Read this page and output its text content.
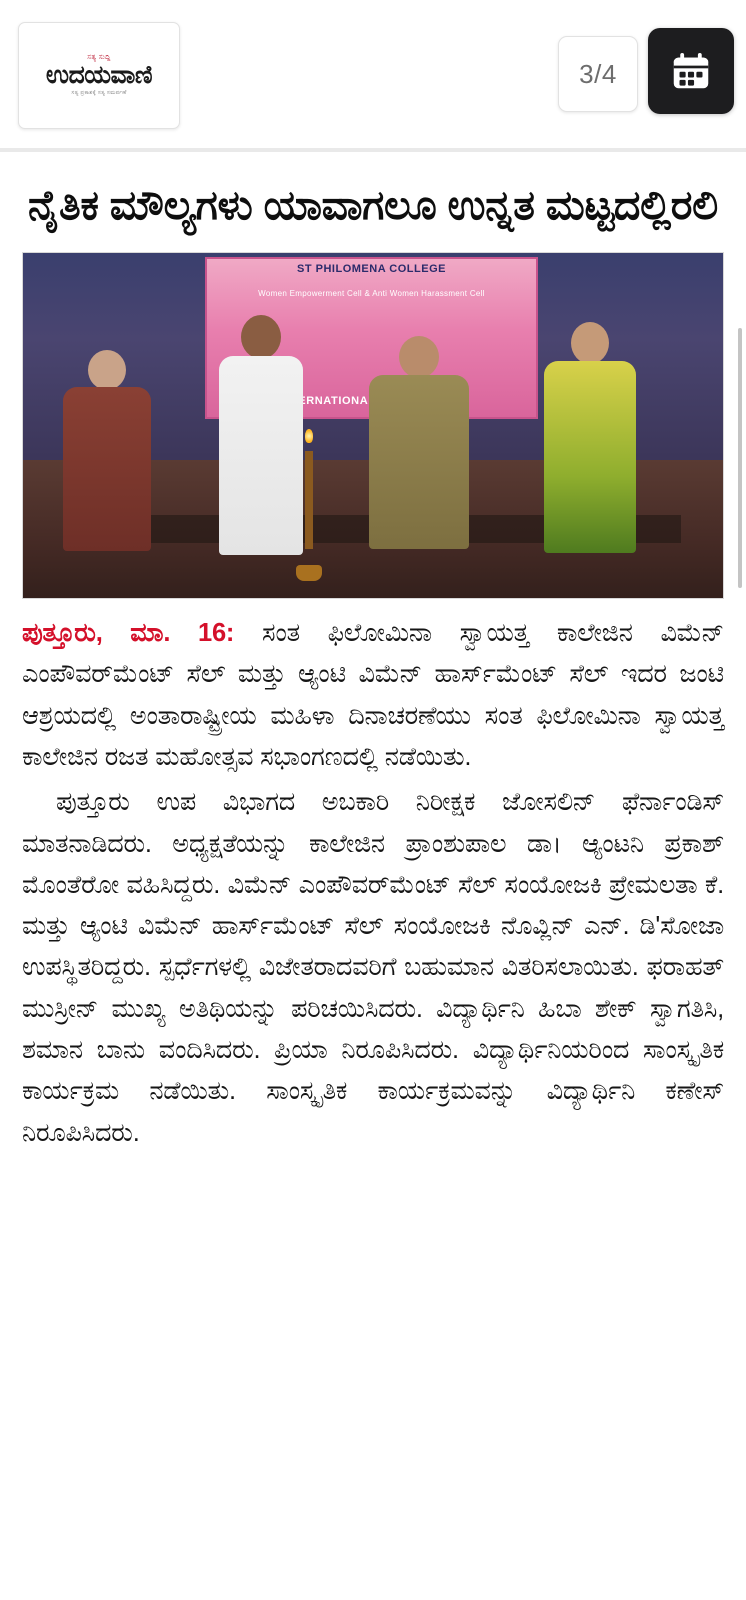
ಸತ್ಯ ಸುದ್ದಿ
ಉದಯವಾಣಿ
ಸತ್ಯ ಪ್ರಕಾಶಕ್ಕೆ ಸತ್ಯ ಸಮರ್ಪಣೆ
3/4
ನೈತಿಕ ಮೌಲ್ಯಗಳು ಯಾವಾಗಲೂ ಉನ್ನತ ಮಟ್ಟದಲ್ಲಿರಲಿ
ST PHILOMENA COLLEGE
Women Empowerment Cell & Anti Women Harassment Cell
INTERNATIONAL

ಪುತ್ತೂರು, ಮಾ. 16: ಸಂತ ಫಿಲೋಮಿನಾ ಸ್ವಾಯತ್ತ ಕಾಲೇಜಿನ ವಿಮೆನ್ ಎಂಪೌವರ್‌ಮೆಂಟ್ ಸೆಲ್ ಮತ್ತು ಆ್ಯಂಟಿ ವಿಮೆನ್ ಹಾರ್ಸ್‌ಮೆಂಟ್ ಸೆಲ್ ಇದರ ಜಂಟಿ ಆಶ್ರಯದಲ್ಲಿ ಅಂತಾರಾಷ್ಟ್ರೀಯ ಮಹಿಳಾ ದಿನಾಚರಣೆಯು ಸಂತ ಫಿಲೋಮಿನಾ ಸ್ವಾಯತ್ತ ಕಾಲೇಜಿನ ರಜತ ಮಹೋತ್ಸವ ಸಭಾಂಗಣದಲ್ಲಿ ನಡೆಯಿತು.

ಪುತ್ತೂರು ಉಪ ವಿಭಾಗದ ಅಬಕಾರಿ ನಿರೀಕ್ಷಕ ಜೋಸಲಿನ್ ಫೆರ್ನಾಂಡಿಸ್ ಮಾತನಾಡಿದರು. ಅಧ್ಯಕ್ಷತೆಯನ್ನು ಕಾಲೇಜಿನ ಪ್ರಾಂಶುಪಾಲ ಡಾ। ಆ್ಯಂಟನಿ ಪ್ರಕಾಶ್ ಮೊಂತೆರೋ ವಹಿಸಿದ್ದರು. ವಿಮೆನ್ ಎಂಪೌವರ್‌ಮೆಂಟ್ ಸೆಲ್ ಸಂಯೋಜಕಿ ಪ್ರೇಮಲತಾ ಕೆ. ಮತ್ತು ಆ್ಯಂಟಿ ವಿಮೆನ್ ಹಾರ್ಸ್‌ಮೆಂಟ್ ಸೆಲ್ ಸಂಯೋಜಕಿ ನೊವ್ಲಿನ್ ಎನ್. ಡಿ'ಸೋಜಾ ಉಪಸ್ಥಿತರಿದ್ದರು. ಸ್ಪರ್ಧೆಗಳಲ್ಲಿ ವಿಜೇತರಾದವರಿಗೆ ಬಹುಮಾನ ವಿತರಿಸಲಾಯಿತು. ಫರಾಹತ್ ಮುಸ್ರೀನ್ ಮುಖ್ಯ ಅತಿಥಿಯನ್ನು ಪರಿಚಯಿಸಿದರು. ವಿದ್ಯಾರ್ಥಿನಿ ಹಿಬಾ ಶೇಕ್ ಸ್ವಾಗತಿಸಿ, ಶಮಾನ ಬಾನು ವಂದಿಸಿದರು. ಪ್ರಿಯಾ ನಿರೂಪಿಸಿದರು. ವಿದ್ಯಾರ್ಥಿನಿಯರಿಂದ ಸಾಂಸ್ಕೃತಿಕ ಕಾರ್ಯಕ್ರಮ ನಡೆಯಿತು. ಸಾಂಸ್ಕೃತಿಕ ಕಾರ್ಯಕ್ರಮವನ್ನು ವಿದ್ಯಾರ್ಥಿನಿ ಕಣೇಸ್ ನಿರೂಪಿಸಿದರು.
